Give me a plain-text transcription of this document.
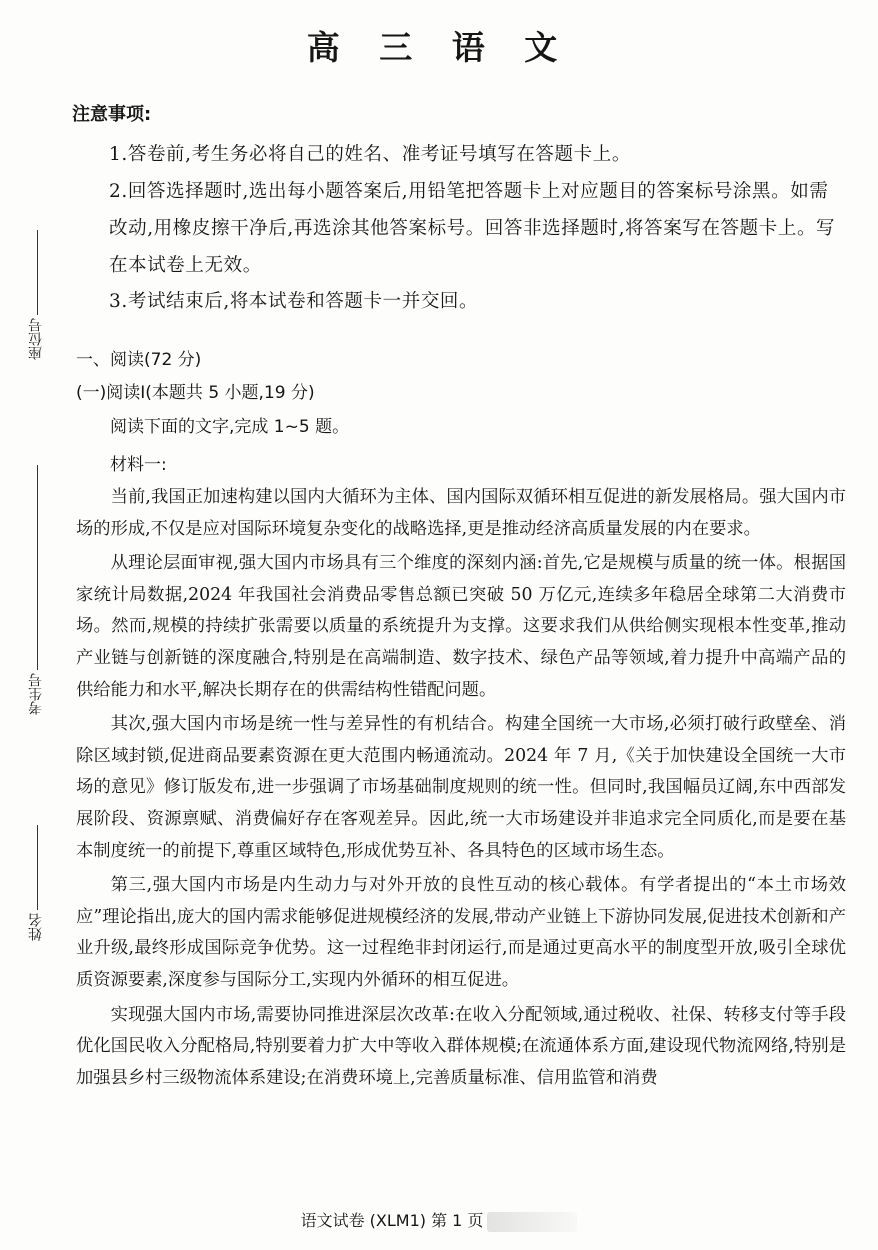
高 三 语 文
注意事项:
1.答卷前,考生务必将自己的姓名、准考证号填写在答题卡上。
2.回答选择题时,选出每小题答案后,用铅笔把答题卡上对应题目的答案标号涂黑。如需改动,用橡皮擦干净后,再选涂其他答案标号。回答非选择题时,将答案写在答题卡上。写在本试卷上无效。
3.考试结束后,将本试卷和答题卡一并交回。
座位号
考生号
姓名
一、阅读(72 分)
(一)阅读Ⅰ(本题共 5 小题,19 分)
阅读下面的文字,完成 1~5 题。
材料一:

当前,我国正加速构建以国内大循环为主体、国内国际双循环相互促进的新发展格局。强大国内市场的形成,不仅是应对国际环境复杂变化的战略选择,更是推动经济高质量发展的内在要求。

从理论层面审视,强大国内市场具有三个维度的深刻内涵:首先,它是规模与质量的统一体。根据国家统计局数据,2024 年我国社会消费品零售总额已突破 50 万亿元,连续多年稳居全球第二大消费市场。然而,规模的持续扩张需要以质量的系统提升为支撑。这要求我们从供给侧实现根本性变革,推动产业链与创新链的深度融合,特别是在高端制造、数字技术、绿色产品等领域,着力提升中高端产品的供给能力和水平,解决长期存在的供需结构性错配问题。

其次,强大国内市场是统一性与差异性的有机结合。构建全国统一大市场,必须打破行政壁垒、消除区域封锁,促进商品要素资源在更大范围内畅通流动。2024 年 7 月,《关于加快建设全国统一大市场的意见》修订版发布,进一步强调了市场基础制度规则的统一性。但同时,我国幅员辽阔,东中西部发展阶段、资源禀赋、消费偏好存在客观差异。因此,统一大市场建设并非追求完全同质化,而是要在基本制度统一的前提下,尊重区域特色,形成优势互补、各具特色的区域市场生态。

第三,强大国内市场是内生动力与对外开放的良性互动的核心载体。有学者提出的“本土市场效应”理论指出,庞大的国内需求能够促进规模经济的发展,带动产业链上下游协同发展,促进技术创新和产业升级,最终形成国际竞争优势。这一过程绝非封闭运行,而是通过更高水平的制度型开放,吸引全球优质资源要素,深度参与国际分工,实现内外循环的相互促进。

实现强大国内市场,需要协同推进深层次改革:在收入分配领域,通过税收、社保、转移支付等手段优化国民收入分配格局,特别要着力扩大中等收入群体规模;在流通体系方面,建设现代物流网络,特别是加强县乡村三级物流体系建设;在消费环境上,完善质量标准、信用监管和消费

语文试卷 (XLM1) 第 1 页
